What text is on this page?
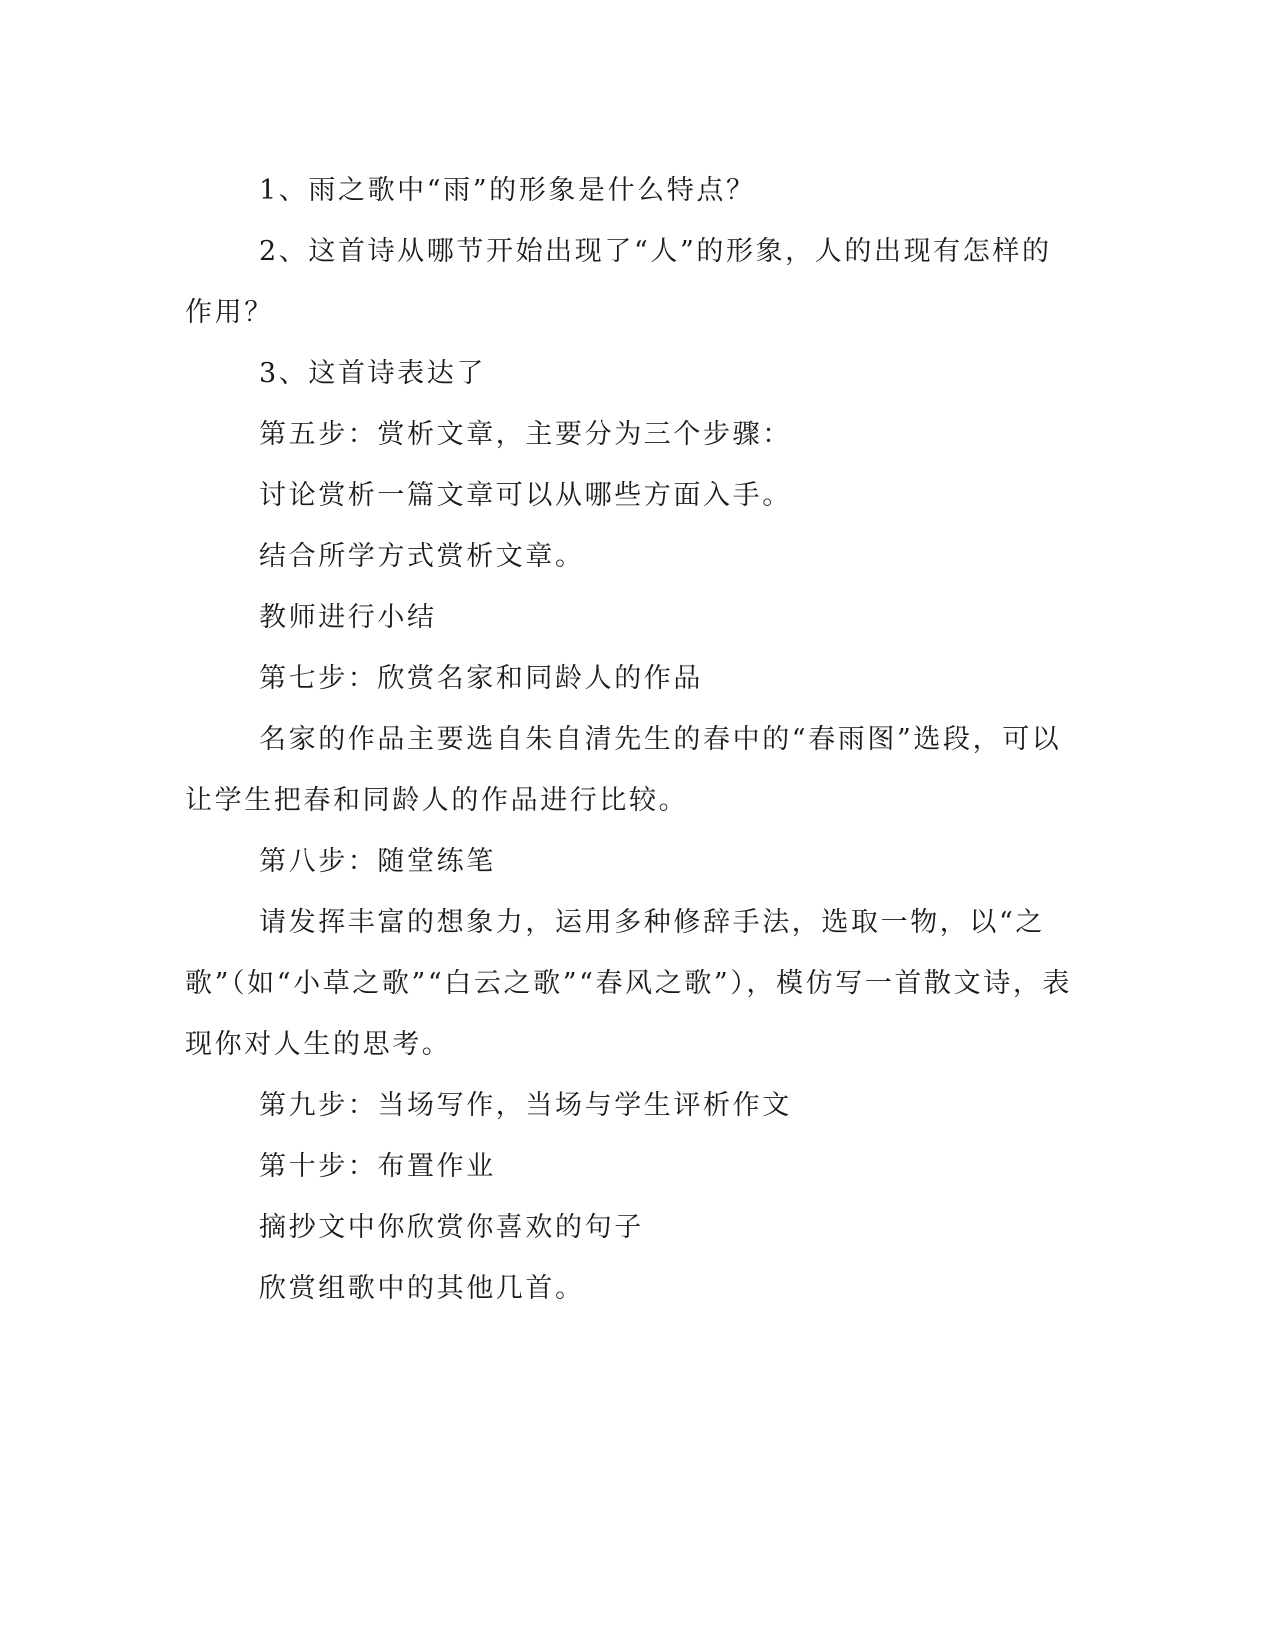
1、雨之歌中“雨”的形象是什么特点？

2、这首诗从哪节开始出现了“人”的形象，人的出现有怎样的作用？

3、这首诗表达了

第五步：赏析文章，主要分为三个步骤：

讨论赏析一篇文章可以从哪些方面入手。

结合所学方式赏析文章。

教师进行小结

第七步：欣赏名家和同龄人的作品

名家的作品主要选自朱自清先生的春中的“春雨图”选段，可以让学生把春和同龄人的作品进行比较。

第八步：随堂练笔

请发挥丰富的想象力，运用多种修辞手法，选取一物，以“之歌”（如“小草之歌”“白云之歌”“春风之歌”），模仿写一首散文诗，表现你对人生的思考。

第九步：当场写作，当场与学生评析作文

第十步：布置作业

摘抄文中你欣赏你喜欢的句子

欣赏组歌中的其他几首。
